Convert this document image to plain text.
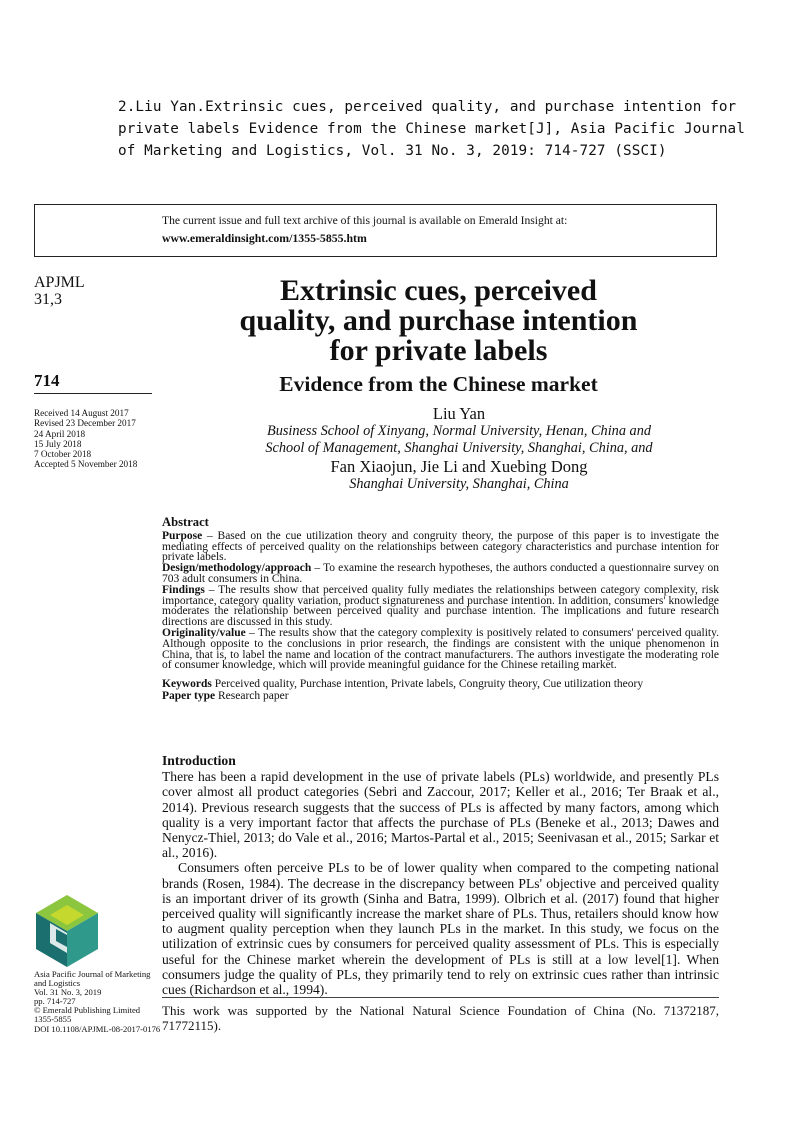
2.Liu Yan.Extrinsic cues, perceived quality, and purchase intention for
private labels Evidence from the Chinese market[J], Asia Pacific Journal
of Marketing and Logistics, Vol. 31 No. 3, 2019: 714-727 (SSCI)
The current issue and full text archive of this journal is available on Emerald Insight at:
www.emeraldinsight.com/1355-5855.htm
APJML
31,3
714
Received 14 August 2017
Revised 23 December 2017
24 April 2018
15 July 2018
7 October 2018
Accepted 5 November 2018
Asia Pacific Journal of Marketing
and Logistics
Vol. 31 No. 3, 2019
pp. 714-727
© Emerald Publishing Limited
1355-5855
DOI 10.1108/APJML-08-2017-0176
Extrinsic cues, perceived
quality, and purchase intention
for private labels
Evidence from the Chinese market
Liu Yan
Business School of Xinyang, Normal University, Henan, China and
School of Management, Shanghai University, Shanghai, China, and
Fan Xiaojun, Jie Li and Xuebing Dong
Shanghai University, Shanghai, China
Abstract

Purpose – Based on the cue utilization theory and congruity theory, the purpose of this paper is to investigate the mediating effects of perceived quality on the relationships between category characteristics and purchase intention for private labels.

Design/methodology/approach – To examine the research hypotheses, the authors conducted a questionnaire survey on 703 adult consumers in China.

Findings – The results show that perceived quality fully mediates the relationships between category complexity, risk importance, category quality variation, product signatureness and purchase intention. In addition, consumers' knowledge moderates the relationship between perceived quality and purchase intention. The implications and future research directions are discussed in this study.

Originality/value – The results show that the category complexity is positively related to consumers' perceived quality. Although opposite to the conclusions in prior research, the findings are consistent with the unique phenomenon in China, that is, to label the name and location of the contract manufacturers. The authors investigate the moderating role of consumer knowledge, which will provide meaningful guidance for the Chinese retailing market.

Keywords Perceived quality, Purchase intention, Private labels, Congruity theory, Cue utilization theory

Paper type Research paper

Introduction

There has been a rapid development in the use of private labels (PLs) worldwide, and presently PLs cover almost all product categories (Sebri and Zaccour, 2017; Keller et al., 2016; Ter Braak et al., 2014). Previous research suggests that the success of PLs is affected by many factors, among which quality is a very important factor that affects the purchase of PLs (Beneke et al., 2013; Dawes and Nenycz-Thiel, 2013; do Vale et al., 2016; Martos-Partal et al., 2015; Seenivasan et al., 2015; Sarkar et al., 2016).

Consumers often perceive PLs to be of lower quality when compared to the competing national brands (Rosen, 1984). The decrease in the discrepancy between PLs' objective and perceived quality is an important driver of its growth (Sinha and Batra, 1999). Olbrich et al. (2017) found that higher perceived quality will significantly increase the market share of PLs. Thus, retailers should know how to augment quality perception when they launch PLs in the market. In this study, we focus on the utilization of extrinsic cues by consumers for perceived quality assessment of PLs. This is especially useful for the Chinese market wherein the development of PLs is still at a low level[1]. When consumers judge the quality of PLs, they primarily tend to rely on extrinsic cues rather than intrinsic cues (Richardson et al., 1994).

This work was supported by the National Natural Science Foundation of China (No. 71372187, 71772115).
